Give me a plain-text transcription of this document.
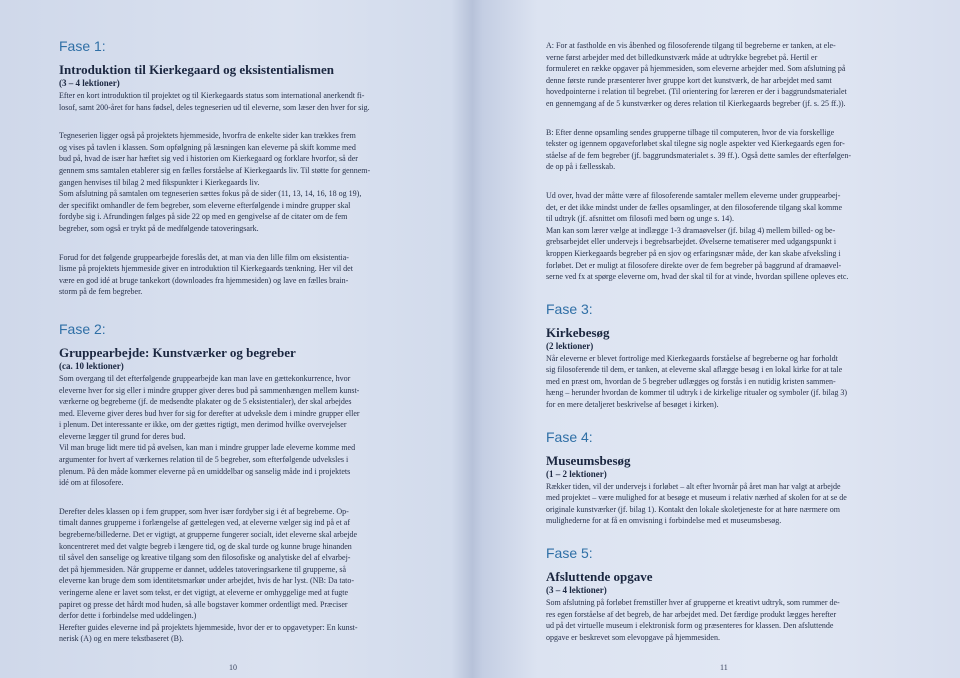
Fase 1:
Introduktion til Kierkegaard og eksistentialismen
(3 – 4 lektioner)

Efter en kort introduktion til projektet og til Kierkegaards status som international anerkendt fi-
losof, samt 200-året for hans fødsel, deles tegneserien ud til eleverne, som læser den hver for sig.

Tegneserien ligger også på projektets hjemmeside, hvorfra de enkelte sider kan trækkes frem
og vises på tavlen i klassen. Som opfølgning på læsningen kan eleverne på skift komme med
bud på, hvad de især har hæftet sig ved i historien om Kierkegaard og forklare hvorfor, så der
gennem sms samtalen etablerer sig en fælles forståelse af Kierkegaards liv. Til støtte for gennem-
gangen henvises til bilag 2 med fikspunkter i Kierkegaards liv.
Som afslutning på samtalen om tegneserien sættes fokus på de sider (11, 13, 14, 16, 18 og 19),
der specifikt omhandler de fem begreber, som eleverne efterfølgende i mindre grupper skal
fordybe sig i. Afrundingen følges på side 22 op med en gengivelse af de citater om de fem
begreber, som også er trykt på de medfølgende tatoveringsark.

Forud for det følgende gruppearbejde foreslås det, at man via den lille film om eksistentia-
lisme på projektets hjemmeside giver en introduktion til Kierkegaards tænkning. Her vil det
være en god idé at bruge tankekort (downloades fra hjemmesiden) og lave en fælles brain-
storm på de fem begreber.

Fase 2:
Gruppearbejde: Kunstværker og begreber
(ca. 10 lektioner)

Som overgang til det efterfølgende gruppearbejde kan man lave en gættekonkurrence, hvor
eleverne hver for sig eller i mindre grupper giver deres bud på sammenhængen mellem kunst-
værkerne og begreberne (jf. de medsendte plakater og de 5 eksistentialer), der skal arbejdes
med. Eleverne giver deres bud hver for sig for derefter at udveksle dem i mindre grupper eller
i plenum. Det interessante er ikke, om der gættes rigtigt, men derimod hvilke overvejelser
eleverne lægger til grund for deres bud.
Vil man bruge lidt mere tid på øvelsen, kan man i mindre grupper lade eleverne komme med
argumenter for hvert af værkernes relation til de 5 begreber, som efterfølgende udveksles i
plenum. På den måde kommer eleverne på en umiddelbar og sanselig måde ind i projektets
idé om at filosofere.

Derefter deles klassen op i fem grupper, som hver især fordyber sig i ét af begreberne. Op-
timalt dannes grupperne i forlængelse af gættelegen ved, at eleverne vælger sig ind på et af
begreberne/billederne. Det er vigtigt, at grupperne fungerer socialt, idet eleverne skal arbejde
koncentreret med det valgte begreb i længere tid, og de skal turde og kunne bruge hinanden
til såvel den sanselige og kreative tilgang som den filosofiske og analytiske del af elvarbej-
det på hjemmesiden. Når grupperne er dannet, uddeles tatoveringsarkene til grupperne, så
eleverne kan bruge dem som identitetsmarkør under arbejdet, hvis de har lyst. (NB: Da tato-
veringerne alene er lavet som tekst, er det vigtigt, at eleverne er omhyggelige med at fugte
papiret og presse det hårdt mod huden, så alle bogstaver kommer ordentligt med. Præciser
derfor dette i forbindelse med uddelingen.)
Herefter guides eleverne ind på projektets hjemmeside, hvor der er to opgavetyper: En kunst-
nerisk (A) og en mere tekstbaseret (B).

10

A: For at fastholde en vis åbenhed og filosoferende tilgang til begreberne er tanken, at ele-
verne først arbejder med det billedkunstværk måde at udtrykke begrebet på. Hertil er
formuleret en række opgaver på hjemmesiden, som eleverne arbejder med. Som afslutning på
denne første runde præsenterer hver gruppe kort det kunstværk, de har arbejdet med samt
hovedpointerne i relation til begrebet. (Til orientering for læreren er der i baggrundsmaterialet
en gennemgang af de 5 kunstværker og deres relation til Kierkegaards begreber (jf. s. 25 ff.)).

B: Efter denne opsamling sendes grupperne tilbage til computeren, hvor de via forskellige
tekster og igennem opgaveforløbet skal tilegne sig nogle aspekter ved Kierkegaards egen for-
ståelse af de fem begreber (jf. baggrundsmaterialet s. 39 ff.). Også dette samles der efterfølgen-
de op på i fællesskab.

Ud over, hvad der måtte være af filosoferende samtaler mellem eleverne under gruppearbej-
det, er det ikke mindst under de fælles opsamlinger, at den filosoferende tilgang skal komme
til udtryk (jf. afsnittet om filosofi med børn og unge s. 14).
Man kan som lærer vælge at indlægge 1-3 dramaøvelser (jf. bilag 4) mellem billed- og be-
grebsarbejdet eller undervejs i begrebsarbejdet. Øvelserne tematiserer med udgangspunkt i
kroppen Kierkegaards begreber på en sjov og erfaringsnær måde, der kan skabe afveksling i
forløbet. Det er muligt at filosofere direkte over de fem begreber på baggrund af dramaøvel-
serne ved fx at spørge eleverne om, hvad der skal til for at vinde, hvordan spillene opleves etc.

Fase 3:
Kirkebesøg
(2 lektioner)

Når eleverne er blevet fortrolige med Kierkegaards forståelse af begreberne og har forholdt
sig filosoferende til dem, er tanken, at eleverne skal aflægge besøg i en lokal kirke for at tale
med en præst om, hvordan de 5 begreber udlægges og forstås i en nutidig kristen sammen-
hæng – herunder hvordan de kommer til udtryk i de kirkelige ritualer og symboler (jf. bilag 3)
for en mere detaljeret beskrivelse af besøget i kirken).

Fase 4:
Museumsbesøg
(1 – 2 lektioner)

Rækker tiden, vil der undervejs i forløbet – alt efter hvornår på året man har valgt at arbejde
med projektet – være mulighed for at besøge et museum i relativ nærhed af skolen for at se de
originale kunstværker (jf. bilag 1). Kontakt den lokale skoletjeneste for at høre nærmere om
mulighederne for at få en omvisning i forbindelse med et museumsbesøg.

Fase 5:
Afsluttende opgave
(3 – 4 lektioner)

Som afslutning på forløbet fremstiller hver af grupperne et kreativt udtryk, som rummer de-
res egen forståelse af det begreb, de har arbejdet med. Det færdige produkt lægges herefter
ud på det virtuelle museum i elektronisk form og præsenteres for klassen. Den afsluttende
opgave er beskrevet som elevopgave på hjemmesiden.

11
